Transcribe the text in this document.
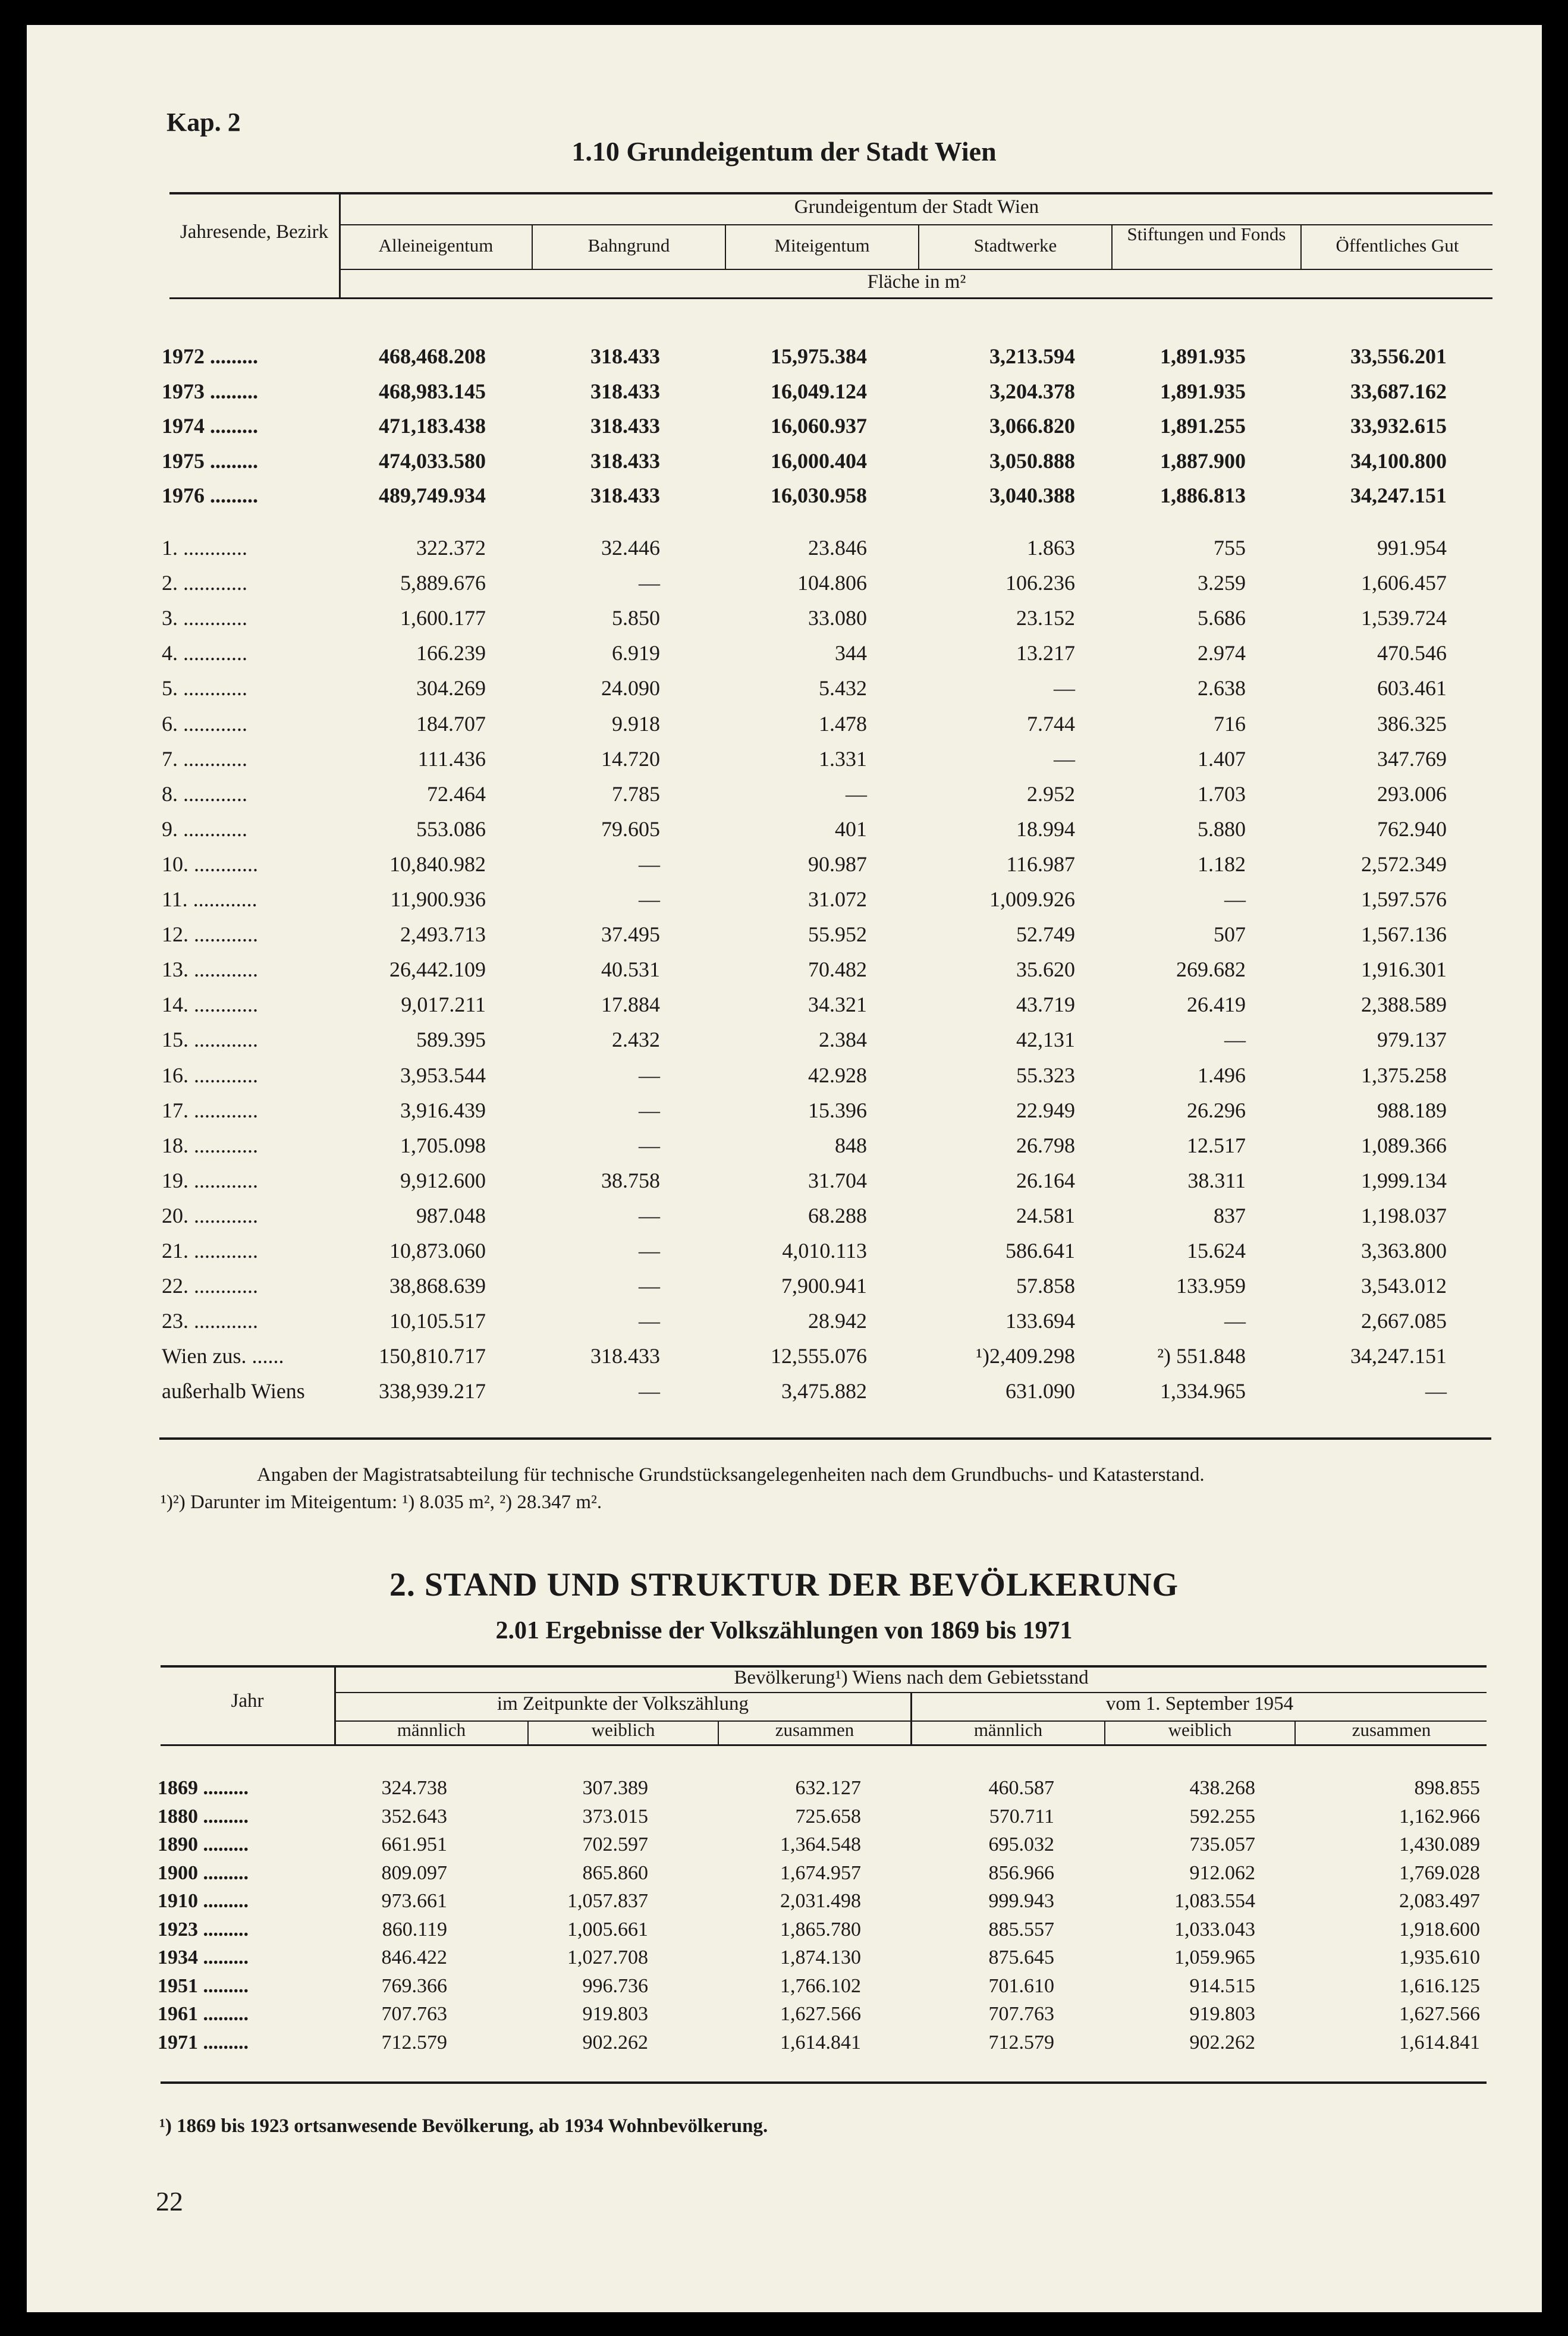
Kap. 2
1.10 Grundeigentum der Stadt Wien
Jahresende, Bezirk
Grundeigentum der Stadt Wien
Alleineigentum	Bahngrund	Miteigentum	Stadtwerke
Stiftungen und Fonds
Öffentliches Gut
Fläche in m²
1972 .........	468,468.208	318.433	15,975.384	3,213.594	1,891.935	33,556.201
1973 .........	468,983.145	318.433	16,049.124	3,204.378	1,891.935	33,687.162
1974 .........	471,183.438	318.433	16,060.937	3,066.820	1,891.255	33,932.615
1975 .........	474,033.580	318.433	16,000.404	3,050.888	1,887.900	34,100.800
1976 .........	489,749.934	318.433	16,030.958	3,040.388	1,886.813	34,247.151
1. ............	322.372	32.446	23.846	1.863	755	991.954
2. ............	5,889.676	—	104.806	106.236	3.259	1,606.457
3. ............	1,600.177	5.850	33.080	23.152	5.686	1,539.724
4. ............	166.239	6.919	344	13.217	2.974	470.546
5. ............	304.269	24.090	5.432	—	2.638	603.461
6. ............	184.707	9.918	1.478	7.744	716	386.325
7. ............	111.436	14.720	1.331	—	1.407	347.769
8. ............	72.464	7.785	—	2.952	1.703	293.006
9. ............	553.086	79.605	401	18.994	5.880	762.940
10. ............	10,840.982	—	90.987	116.987	1.182	2,572.349
11. ............	11,900.936	—	31.072	1,009.926	—	1,597.576
12. ............	2,493.713	37.495	55.952	52.749	507	1,567.136
13. ............	26,442.109	40.531	70.482	35.620	269.682	1,916.301
14. ............	9,017.211	17.884	34.321	43.719	26.419	2,388.589
15. ............	589.395	2.432	2.384	42,131	—	979.137
16. ............	3,953.544	—	42.928	55.323	1.496	1,375.258
17. ............	3,916.439	—	15.396	22.949	26.296	988.189
18. ............	1,705.098	—	848	26.798	12.517	1,089.366
19. ............	9,912.600	38.758	31.704	26.164	38.311	1,999.134
20. ............	987.048	—	68.288	24.581	837	1,198.037
21. ............	10,873.060	—	4,010.113	586.641	15.624	3,363.800
22. ............	38,868.639	—	7,900.941	57.858	133.959	3,543.012
23. ............	10,105.517	—	28.942	133.694	—	2,667.085
Wien zus. ......	150,810.717	318.433	12,555.076	¹)2,409.298	²) 551.848	34,247.151
außerhalb Wiens	338,939.217	—	3,475.882	631.090	1,334.965	—
Angaben der Magistratsabteilung für technische Grundstücksangelegenheiten nach dem Grundbuchs- und Katasterstand.
¹)²) Darunter im Miteigentum: ¹) 8.035 m², ²) 28.347 m².
2. STAND UND STRUKTUR DER BEVÖLKERUNG
2.01 Ergebnisse der Volkszählungen von 1869 bis 1971
Jahr
Bevölkerung¹) Wiens nach dem Gebietsstand
im Zeitpunkte der Volkszählung	vom 1. September 1954
männlich	weiblich	zusammen	männlich	weiblich	zusammen
1869 .........	324.738	307.389	632.127	460.587	438.268	898.855
1880 .........	352.643	373.015	725.658	570.711	592.255	1,162.966
1890 .........	661.951	702.597	1,364.548	695.032	735.057	1,430.089
1900 .........	809.097	865.860	1,674.957	856.966	912.062	1,769.028
1910 .........	973.661	1,057.837	2,031.498	999.943	1,083.554	2,083.497
1923 .........	860.119	1,005.661	1,865.780	885.557	1,033.043	1,918.600
1934 .........	846.422	1,027.708	1,874.130	875.645	1,059.965	1,935.610
1951 .........	769.366	996.736	1,766.102	701.610	914.515	1,616.125
1961 .........	707.763	919.803	1,627.566	707.763	919.803	1,627.566
1971 .........	712.579	902.262	1,614.841	712.579	902.262	1,614.841
¹) 1869 bis 1923 ortsanwesende Bevölkerung, ab 1934 Wohnbevölkerung.
22
